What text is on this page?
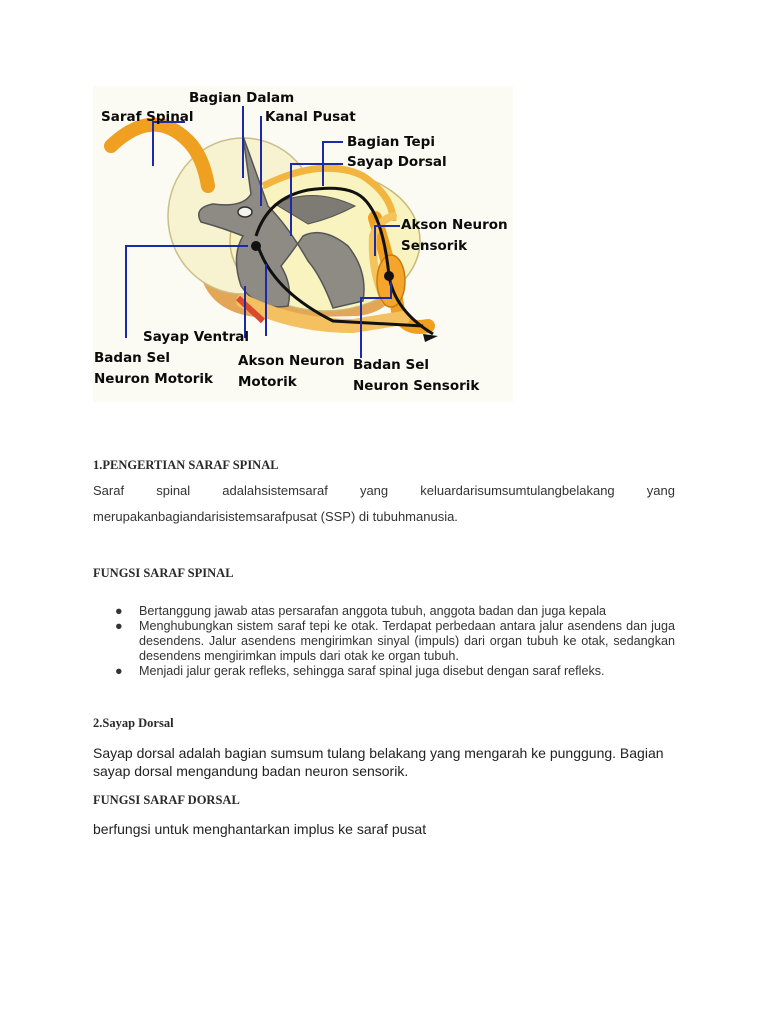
Saraf Spinal
Bagian Dalam
Kanal Pusat
Bagian Tepi
Sayap Dorsal
Akson Neuron
Sensorik
Sayap Ventral
Badan Sel
Neuron Motorik
Akson Neuron
Motorik
Badan Sel
Neuron Sensorik
1.PENGERTIAN SARAF SPINAL

Saraf spinal adalahsistemsaraf yang keluardarisumsumtulangbelakang yang
merupakanbagiandarisistemsarafpusat (SSP) di tubuhmanusia.

FUNGSI SARAF SPINAL
● Bertanggung jawab atas persarafan anggota tubuh, anggota badan dan juga kepala
● Menghubungkan sistem saraf tepi ke otak. Terdapat perbedaan antara jalur asendens dan juga desendens. Jalur asendens mengirimkan sinyal (impuls) dari organ tubuh ke otak, sedangkan desendens mengirimkan impuls dari otak ke organ tubuh.
● Menjadi jalur gerak refleks, sehingga saraf spinal juga disebut dengan saraf refleks.
2.Sayap Dorsal

Sayap dorsal adalah bagian sumsum tulang belakang yang mengarah ke punggung. Bagian sayap dorsal mengandung badan neuron sensorik.

FUNGSI SARAF DORSAL

berfungsi untuk menghantarkan implus ke saraf pusat
